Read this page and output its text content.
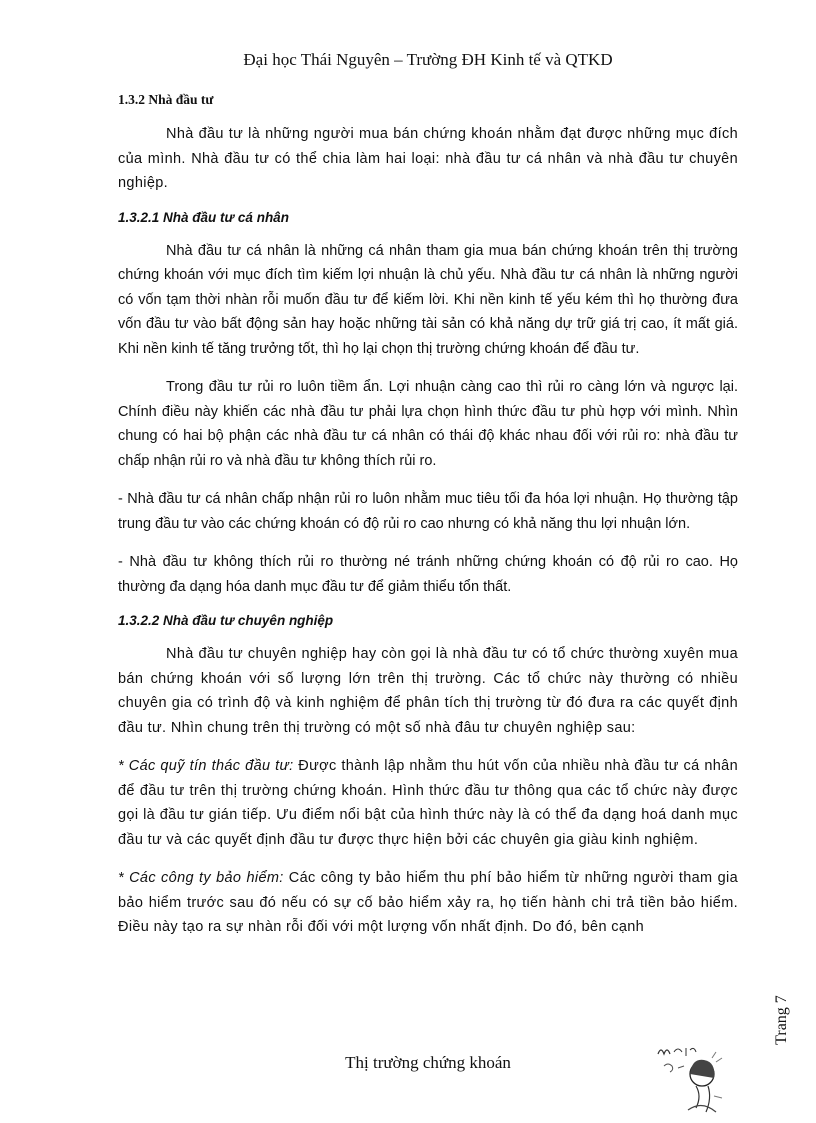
Đại học Thái Nguyên – Trường ĐH Kinh tế và QTKD

1.3.2 Nhà đầu tư

Nhà đầu tư là những người mua bán chứng khoán nhằm đạt được những mục đích của mình. Nhà đầu tư có thể chia làm hai loại: nhà đầu tư cá nhân và nhà đầu tư chuyên nghiệp.

1.3.2.1 Nhà đầu tư cá nhân

Nhà đầu tư cá nhân là những cá nhân tham gia mua bán chứng khoán trên thị trường chứng khoán với mục đích tìm kiếm lợi nhuận là chủ yếu. Nhà đầu tư cá nhân là những người có vốn tạm thời nhàn rỗi muốn đầu tư để kiếm lời. Khi nền kinh tế yếu kém thì họ thường đưa vốn đầu tư vào bất động sản hay hoặc những tài sản có khả năng dự trữ giá trị cao, ít mất giá. Khi nền kinh tế tăng trưởng tốt, thì họ lại chọn thị trường chứng khoán để đầu tư.

Trong đầu tư rủi ro luôn tiềm ẩn. Lợi nhuận càng cao thì rủi ro càng lớn và ngược lại. Chính điều này khiến các nhà đầu tư phải lựa chọn hình thức đầu tư phù hợp với mình. Nhìn chung có hai bộ phận các nhà đầu tư cá nhân có thái độ khác nhau đối với rủi ro: nhà đầu tư chấp nhận rủi ro và nhà đầu tư không thích rủi ro.

- Nhà đầu tư cá nhân chấp nhận rủi ro luôn nhằm muc tiêu tối đa hóa lợi nhuận. Họ thường tập trung đầu tư vào các chứng khoán có độ rủi ro cao nhưng có khả năng thu lợi nhuận lớn.

- Nhà đầu tư không thích rủi ro thường né tránh những chứng khoán có độ rủi ro cao. Họ thường đa dạng hóa danh mục đầu tư để giảm thiểu tổn thất.

1.3.2.2 Nhà đầu tư chuyên nghiệp

Nhà đầu tư chuyên nghiệp hay còn gọi là nhà đầu tư có tổ chức thường xuyên mua bán chứng khoán với số lượng lớn trên thị trường. Các tổ chức này thường có nhiều chuyên gia có trình độ và kinh nghiệm để phân tích thị trường từ đó đưa ra các quyết định đầu tư. Nhìn chung trên thị trường có một số nhà đâu tư chuyên nghiệp sau:

* Các quỹ tín thác đầu tư: Được thành lập nhằm thu hút vốn của nhiều nhà đầu tư cá nhân để đầu tư trên thị trường chứng khoán. Hình thức đầu tư thông qua các tổ chức này được gọi là đầu tư gián tiếp. Ưu điểm nổi bật của hình thức này là có thể đa dạng hoá danh mục đầu tư và các quyết định đầu tư được thực hiện bởi các chuyên gia giàu kinh nghiệm.

* Các công ty bảo hiểm: Các công ty bảo hiểm thu phí bảo hiểm từ những người tham gia bảo hiểm trước sau đó nếu có sự cố bảo hiểm xảy ra, họ tiến hành chi trả tiền bảo hiểm. Điều này tạo ra sự nhàn rỗi đối với một lượng vốn nhất định. Do đó, bên cạnh

Trang 7
Thị trường chứng khoán
